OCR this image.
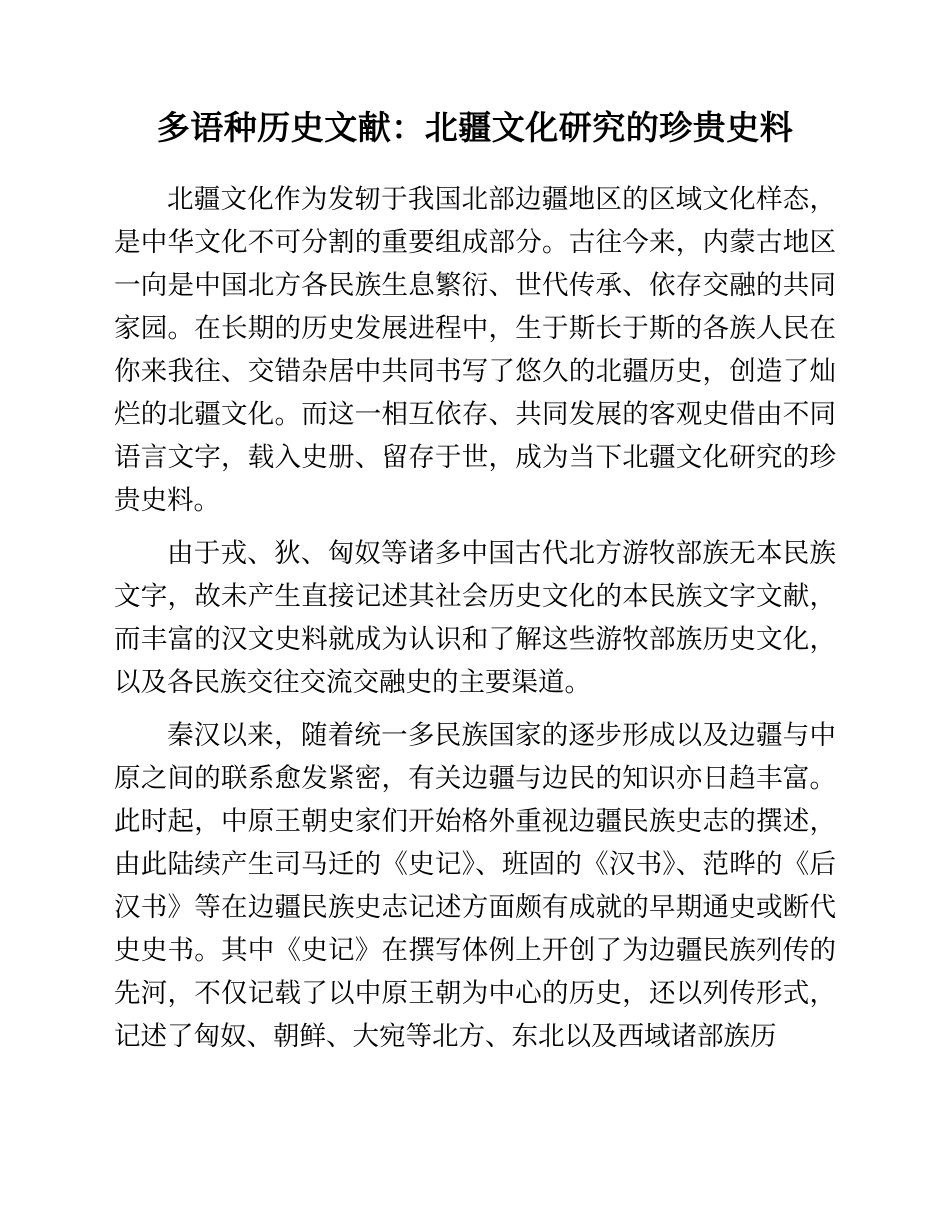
多语种历史文献：北疆文化研究的珍贵史料

北疆文化作为发轫于我国北部边疆地区的区域文化样态，是中华文化不可分割的重要组成部分。古往今来，内蒙古地区一向是中国北方各民族生息繁衍、世代传承、依存交融的共同家园。在长期的历史发展进程中，生于斯长于斯的各族人民在你来我往、交错杂居中共同书写了悠久的北疆历史，创造了灿烂的北疆文化。而这一相互依存、共同发展的客观史借由不同语言文字，载入史册、留存于世，成为当下北疆文化研究的珍贵史料。

由于戎、狄、匈奴等诸多中国古代北方游牧部族无本民族文字，故未产生直接记述其社会历史文化的本民族文字文献，而丰富的汉文史料就成为认识和了解这些游牧部族历史文化，以及各民族交往交流交融史的主要渠道。

秦汉以来，随着统一多民族国家的逐步形成以及边疆与中原之间的联系愈发紧密，有关边疆与边民的知识亦日趋丰富。此时起，中原王朝史家们开始格外重视边疆民族史志的撰述，由此陆续产生司马迁的《史记》、班固的《汉书》、范晔的《后汉书》等在边疆民族史志记述方面颇有成就的早期通史或断代史史书。其中《史记》在撰写体例上开创了为边疆民族列传的先河，不仅记载了以中原王朝为中心的历史，还以列传形式，记述了匈奴、朝鲜、大宛等北方、东北以及西域诸部族历
